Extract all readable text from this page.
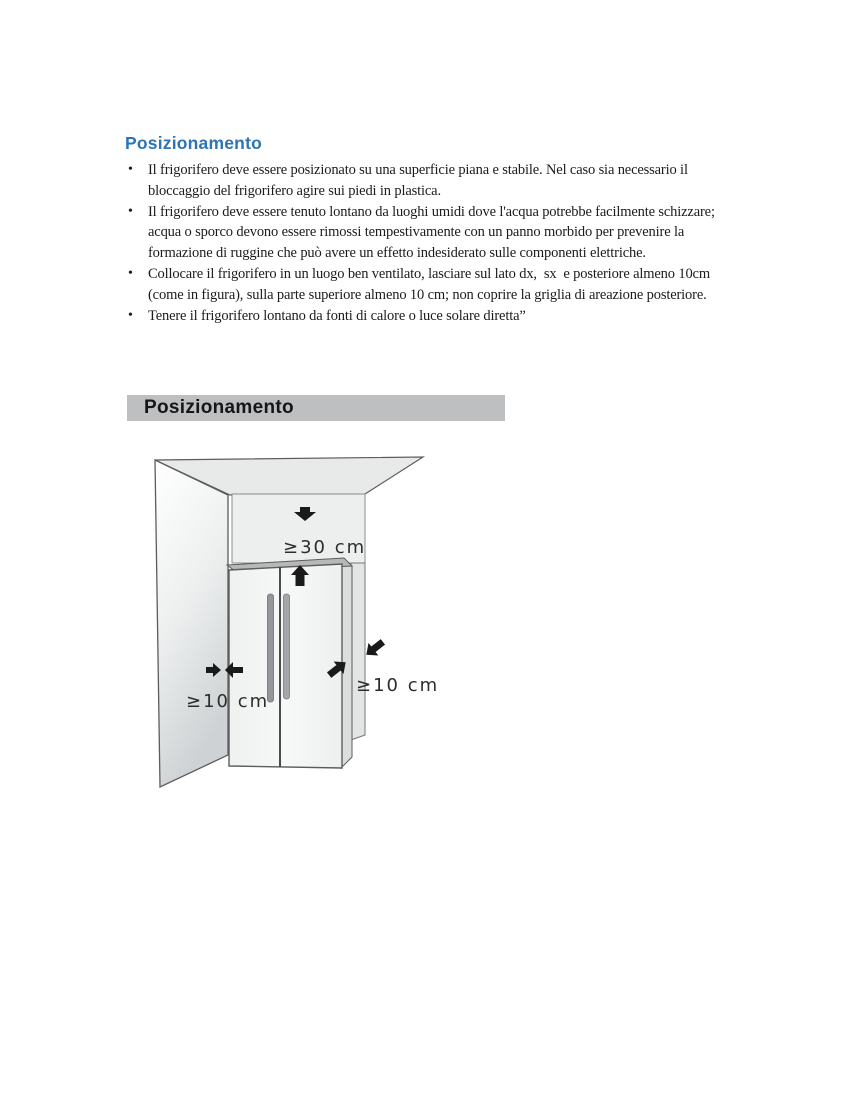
Posizionamento
• Il frigorifero deve essere posizionato su una superficie piana e stabile. Nel caso sia necessario il bloccaggio del frigorifero agire sui piedi in plastica.
• Il frigorifero deve essere tenuto lontano da luoghi umidi dove l'acqua potrebbe facilmente schizzare; acqua o sporco devono essere rimossi tempestivamente con un panno morbido per prevenire la formazione di ruggine che può avere un effetto indesiderato sulle componenti elettriche.
• Collocare il frigorifero in un luogo ben ventilato, lasciare sul lato dx,  sx  e posteriore almeno 10cm (come in figura), sulla parte superiore almeno 10 cm; non coprire la griglia di areazione posteriore.
• Tenere il frigorifero lontano da fonti di calore o luce solare diretta”
Posizionamento
≥30 cm
≥10 cm
≥10 cm
